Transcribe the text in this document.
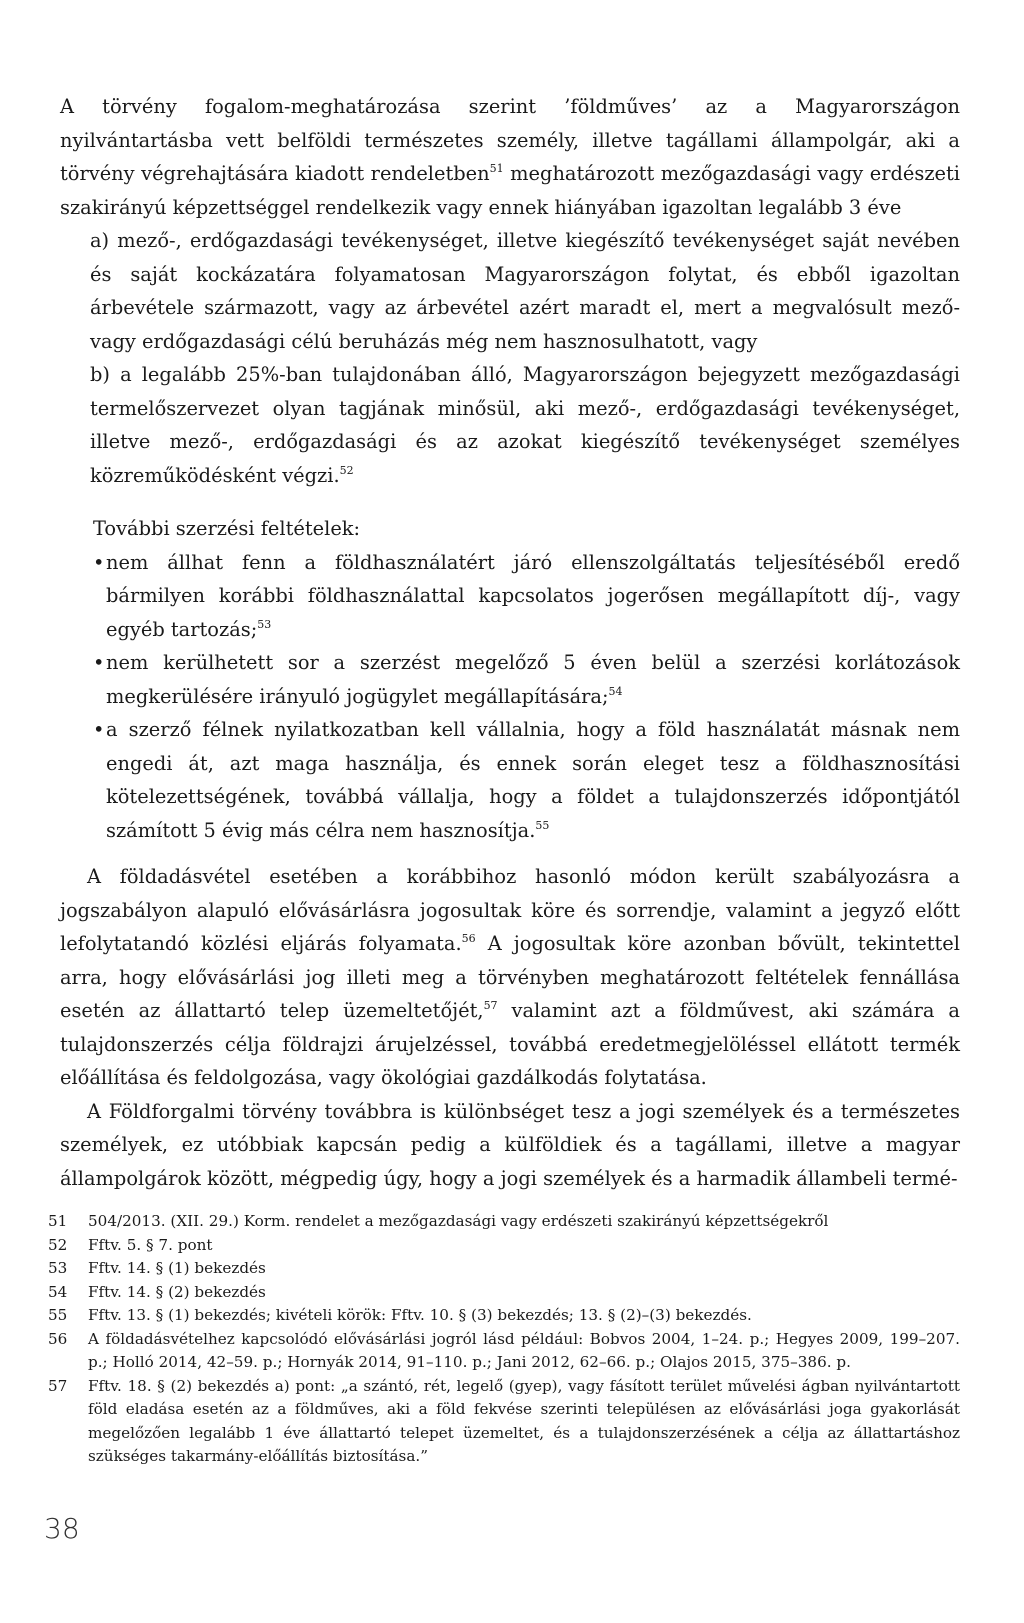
A törvény fogalom-meghatározása szerint ’földműves’ az a Magyarországon nyilvántartásba vett belföldi természetes személy, illetve tagállami állampolgár, aki a törvény végrehajtására kiadott rendeletben$^{51}$ meghatározott mezőgazdasági vagy erdészeti szakirányú képzettséggel rendelkezik vagy ennek hiányában igazoltan legalább 3 éve

a) mező-, erdőgazdasági tevékenységet, illetve kiegészítő tevékenységet saját nevében és saját kockázatára folyamatosan Magyarországon folytat, és ebből igazoltan árbevétele származott, vagy az árbevétel azért maradt el, mert a megvalósult mező- vagy erdőgazdasági célú beruházás még nem hasznosulhatott, vagy

b) a legalább 25%-ban tulajdonában álló, Magyarországon bejegyzett mezőgazdasági termelőszervezet olyan tagjának minősül, aki mező-, erdőgazdasági tevékenységet, illetve mező-, erdőgazdasági és az azokat kiegészítő tevékenységet személyes közreműködésként végzi.$^{52}$

További szerzési feltételek:

• nem állhat fenn a földhasználatért járó ellenszolgáltatás teljesítéséből eredő bármilyen korábbi földhasználattal kapcsolatos jogerősen megállapított díj-, vagy egyéb tartozás;$^{53}$
• nem kerülhetett sor a szerzést megelőző 5 éven belül a szerzési korlátozások megkerülésére irányuló jogügylet megállapítására;$^{54}$
• a szerző félnek nyilatkozatban kell vállalnia, hogy a föld használatát másnak nem engedi át, azt maga használja, és ennek során eleget tesz a földhasznosítási kötelezettségének, továbbá vállalja, hogy a földet a tulajdonszerzés időpontjától számított 5 évig más célra nem hasznosítja.$^{55}$

A földadásvétel esetében a korábbihoz hasonló módon került szabályozásra a jogszabályon alapuló elővásárlásra jogosultak köre és sorrendje, valamint a jegyző előtt lefolytatandó közlési eljárás folyamata.$^{56}$ A jogosultak köre azonban bővült, tekintettel arra, hogy elővásárlási jog illeti meg a törvényben meghatározott feltételek fennállása esetén az állattartó telep üzemeltetőjét,$^{57}$ valamint azt a földművest, aki számára a tulajdonszerzés célja földrajzi árujelzéssel, továbbá eredetmegjelöléssel ellátott termék előállítása és feldolgozása, vagy ökológiai gazdálkodás folytatása.

A Földforgalmi törvény továbbra is különbséget tesz a jogi személyek és a természetes személyek, ez utóbbiak kapcsán pedig a külföldiek és a tagállami, illetve a magyar állampolgárok között, mégpedig úgy, hogy a jogi személyek és a harmadik állambeli termé-

51	504/2013. (XII. 29.) Korm. rendelet a mezőgazdasági vagy erdészeti szakirányú képzettségekről

52	Fftv. 5. § 7. pont

53	Fftv. 14. § (1) bekezdés

54	Fftv. 14. § (2) bekezdés

55	Fftv. 13. § (1) bekezdés; kivételi körök: Fftv. 10. § (3) bekezdés; 13. § (2)–(3) bekezdés.

56	A földadásvételhez kapcsolódó elővásárlási jogról lásd például: Bobvos 2004, 1–24. p.; Hegyes 2009, 199–207. p.; Holló 2014, 42–59. p.; Hornyák 2014, 91–110. p.; Jani 2012, 62–66. p.; Olajos 2015, 375–386. p.

57	Fftv. 18. § (2) bekezdés a) pont: „a szántó, rét, legelő (gyep), vagy fásított terület művelési ágban nyilvántartott föld eladása esetén az a földműves, aki a föld fekvése szerinti településen az elővásárlási joga gyakorlását megelőzően legalább 1 éve állattartó telepet üzemeltet, és a tulajdonszerzésének a célja az állattartáshoz szükséges takarmány-előállítás biztosítása.”

38
